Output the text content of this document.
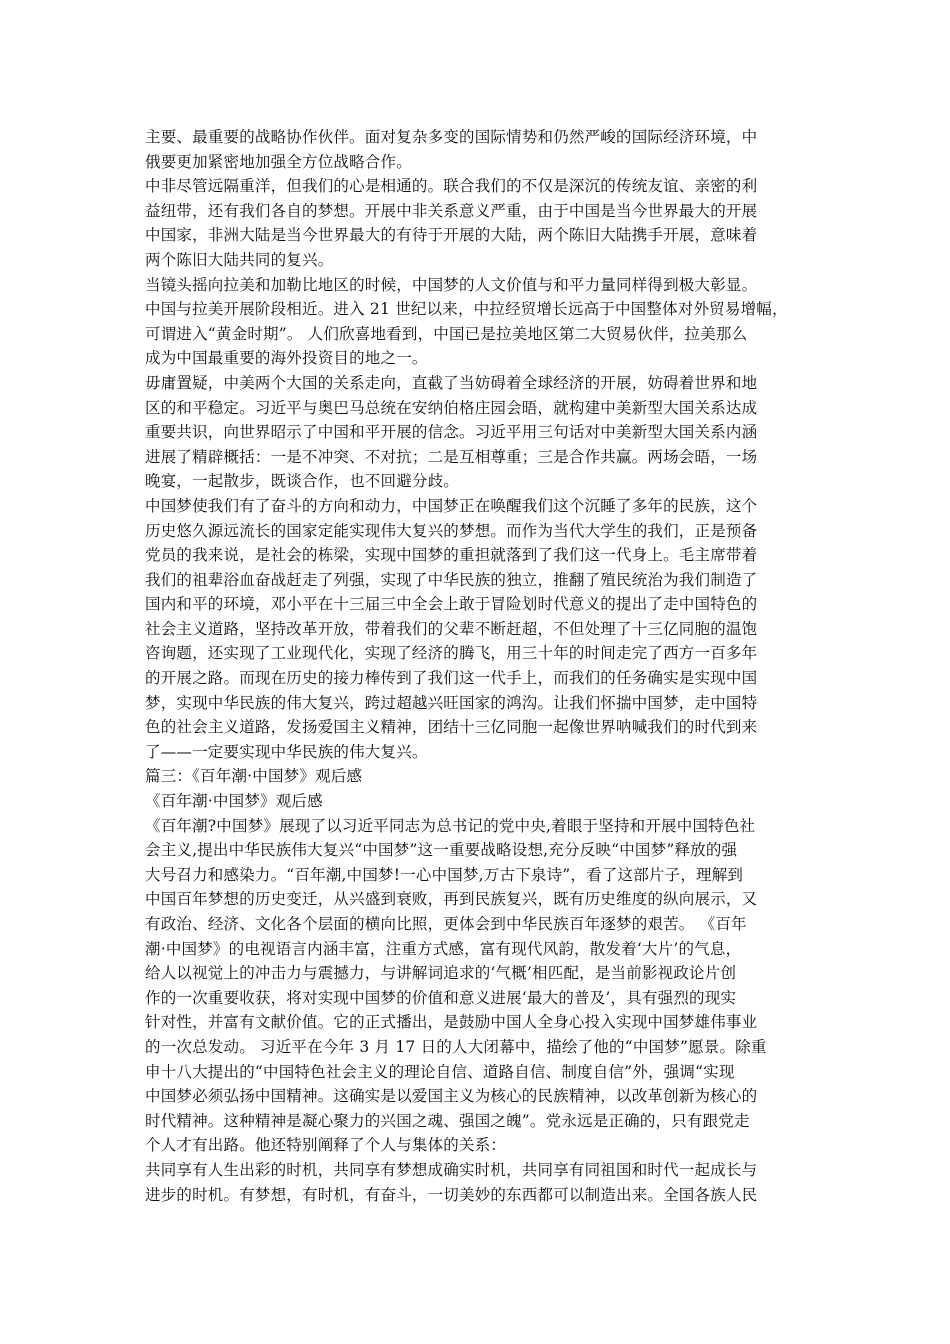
主要、最重要的战略协作伙伴。面对复杂多变的国际情势和仍然严峻的国际经济环境，中
俄要更加紧密地加强全方位战略合作。
中非尽管远隔重洋，但我们的心是相通的。联合我们的不仅是深沉的传统友谊、亲密的利
益纽带，还有我们各自的梦想。开展中非关系意义严重，由于中国是当今世界最大的开展
中国家，非洲大陆是当今世界最大的有待于开展的大陆，两个陈旧大陆携手开展，意味着
两个陈旧大陆共同的复兴。
当镜头摇向拉美和加勒比地区的时候，中国梦的人文价值与和平力量同样得到极大彰显。
中国与拉美开展阶段相近。进入 21 世纪以来，中拉经贸增长远高于中国整体对外贸易增幅，
可谓进入“黄金时期”。 人们欣喜地看到，中国已是拉美地区第二大贸易伙伴，拉美那么
成为中国最重要的海外投资目的地之一。
毋庸置疑，中美两个大国的关系走向，直截了当妨碍着全球经济的开展，妨碍着世界和地
区的和平稳定。习近平与奥巴马总统在安纳伯格庄园会晤，就构建中美新型大国关系达成
重要共识，向世界昭示了中国和平开展的信念。习近平用三句话对中美新型大国关系内涵
进展了精辟概括：一是不冲突、不对抗；二是互相尊重；三是合作共赢。两场会晤，一场
晚宴，一起散步，既谈合作，也不回避分歧。
中国梦使我们有了奋斗的方向和动力，中国梦正在唤醒我们这个沉睡了多年的民族，这个
历史悠久源远流长的国家定能实现伟大复兴的梦想。而作为当代大学生的我们，正是预备
党员的我来说，是社会的栋梁，实现中国梦的重担就落到了我们这一代身上。毛主席带着
我们的祖辈浴血奋战赶走了列强，实现了中华民族的独立，推翻了殖民统治为我们制造了
国内和平的环境，邓小平在十三届三中全会上敢于冒险划时代意义的提出了走中国特色的
社会主义道路，坚持改革开放，带着我们的父辈不断赶超，不但处理了十三亿同胞的温饱
咨询题，还实现了工业现代化，实现了经济的腾飞，用三十年的时间走完了西方一百多年
的开展之路。而现在历史的接力棒传到了我们这一代手上，而我们的任务确实是实现中国
梦，实现中华民族的伟大复兴，跨过超越兴旺国家的鸿沟。让我们怀揣中国梦，走中国特
色的社会主义道路，发扬爱国主义精神，团结十三亿同胞一起像世界呐喊我们的时代到来
了——一定要实现中华民族的伟大复兴。
篇三：《百年潮·中国梦》观后感
《百年潮·中国梦》观后感
《百年潮?中国梦》展现了以习近平同志为总书记的党中央,着眼于坚持和开展中国特色社
会主义,提出中华民族伟大复兴“中国梦”这一重要战略设想,充分反映“中国梦”释放的强
大号召力和感染力。“百年潮,中国梦!一心中国梦,万古下泉诗”，看了这部片子，理解到
中国百年梦想的历史变迁，从兴盛到衰败，再到民族复兴，既有历史维度的纵向展示，又
有政治、经济、文化各个层面的横向比照，更体会到中华民族百年逐梦的艰苦。 《百年
潮·中国梦》的电视语言内涵丰富，注重方式感，富有现代风韵，散发着‘大片’的气息，
给人以视觉上的冲击力与震撼力，与讲解词追求的‘气概’相匹配，是当前影视政论片创
作的一次重要收获，将对实现中国梦的价值和意义进展‘最大的普及’，具有强烈的现实
针对性，并富有文献价值。它的正式播出，是鼓励中国人全身心投入实现中国梦雄伟事业
的一次总发动。 习近平在今年 3 月 17 日的人大闭幕中，描绘了他的“中国梦”愿景。除重
申十八大提出的“中国特色社会主义的理论自信、道路自信、制度自信”外，强调“实现
中国梦必须弘扬中国精神。这确实是以爱国主义为核心的民族精神，以改革创新为核心的
时代精神。这种精神是凝心聚力的兴国之魂、强国之魄”。党永远是正确的，只有跟党走
个人才有出路。他还特别阐释了个人与集体的关系：
共同享有人生出彩的时机，共同享有梦想成确实时机，共同享有同祖国和时代一起成长与
进步的时机。有梦想，有时机，有奋斗，一切美妙的东西都可以制造出来。全国各族人民
